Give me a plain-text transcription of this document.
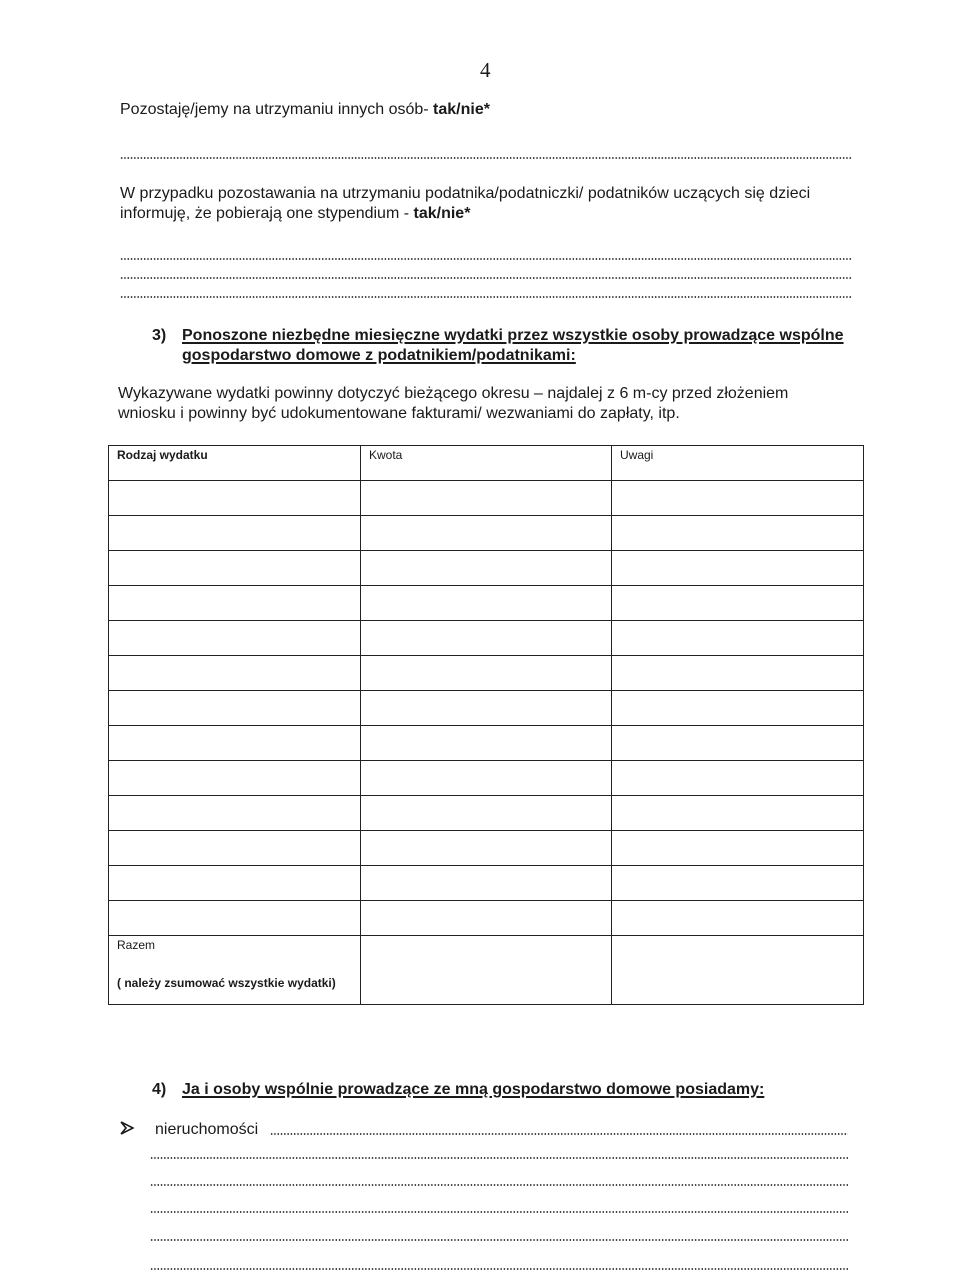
4
Pozostaję/jemy na utrzymaniu innych osób- tak/nie*
W przypadku pozostawania na utrzymaniu podatnika/podatniczki/ podatników uczących się dzieci
informuję, że pobierają one stypendium - tak/nie*
3) Ponoszone niezbędne miesięczne wydatki przez wszystkie osoby prowadzące wspólne
gospodarstwo domowe z podatnikiem/podatnikami:
Wykazywane wydatki powinny dotyczyć bieżącego okresu – najdalej z 6 m-cy przed złożeniem
wniosku i powinny być udokumentowane fakturami/ wezwaniami do zapłaty, itp.
Rodzaj wydatku	Kwota	Uwagi

Razem
( należy zsumować wszystkie wydatki)		

4) Ja i osoby wspólnie prowadzące ze mną gospodarstwo domowe posiadamy:
nieruchomości
